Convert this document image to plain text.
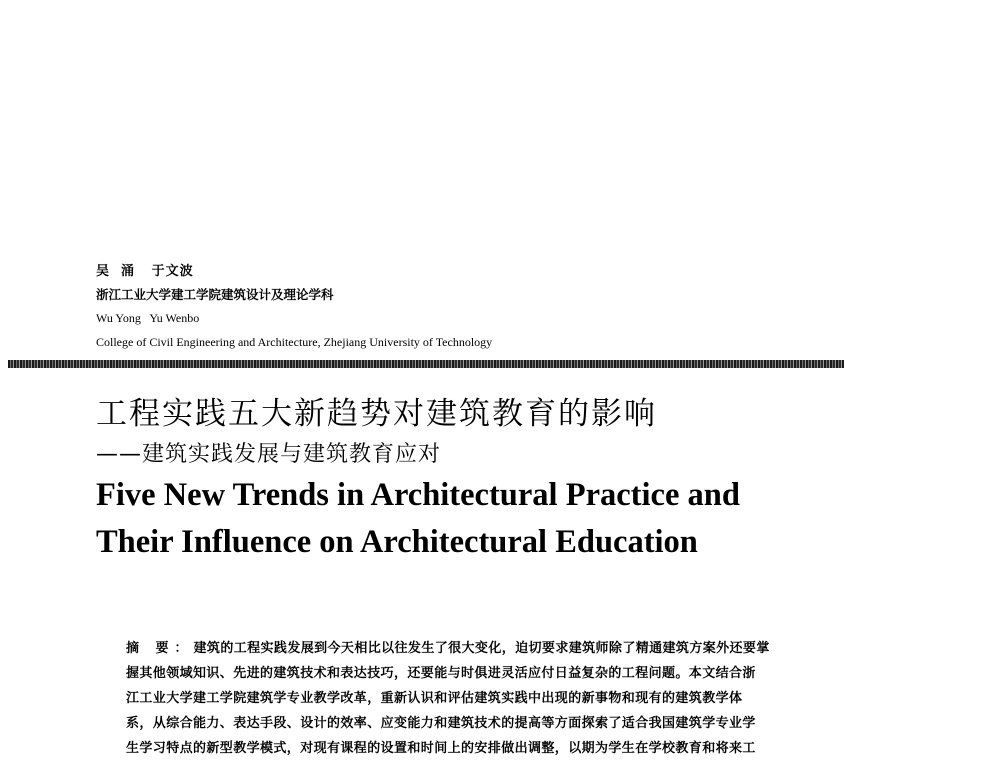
吴  涌   于文波
浙江工业大学建工学院建筑设计及理论学科
Wu Yong   Yu Wenbo
College of Civil Engineering and Architecture, Zhejiang University of Technology
工程实践五大新趋势对建筑教育的影响
——建筑实践发展与建筑教育应对
Five New Trends in Architectural Practice and
Their Influence on Architectural Education
摘 要：建筑的工程实践发展到今天相比以往发生了很大变化，迫切要求建筑师除了精通建筑方案外还要掌
握其他领域知识、先进的建筑技术和表达技巧，还要能与时俱进灵活应付日益复杂的工程问题。本文结合浙
江工业大学建工学院建筑学专业教学改革，重新认识和评估建筑实践中出现的新事物和现有的建筑教学体
系，从综合能力、表达手段、设计的效率、应变能力和建筑技术的提高等方面探索了适合我国建筑学专业学
生学习特点的新型教学模式，对现有课程的设置和时间上的安排做出调整，以期为学生在学校教育和将来工
